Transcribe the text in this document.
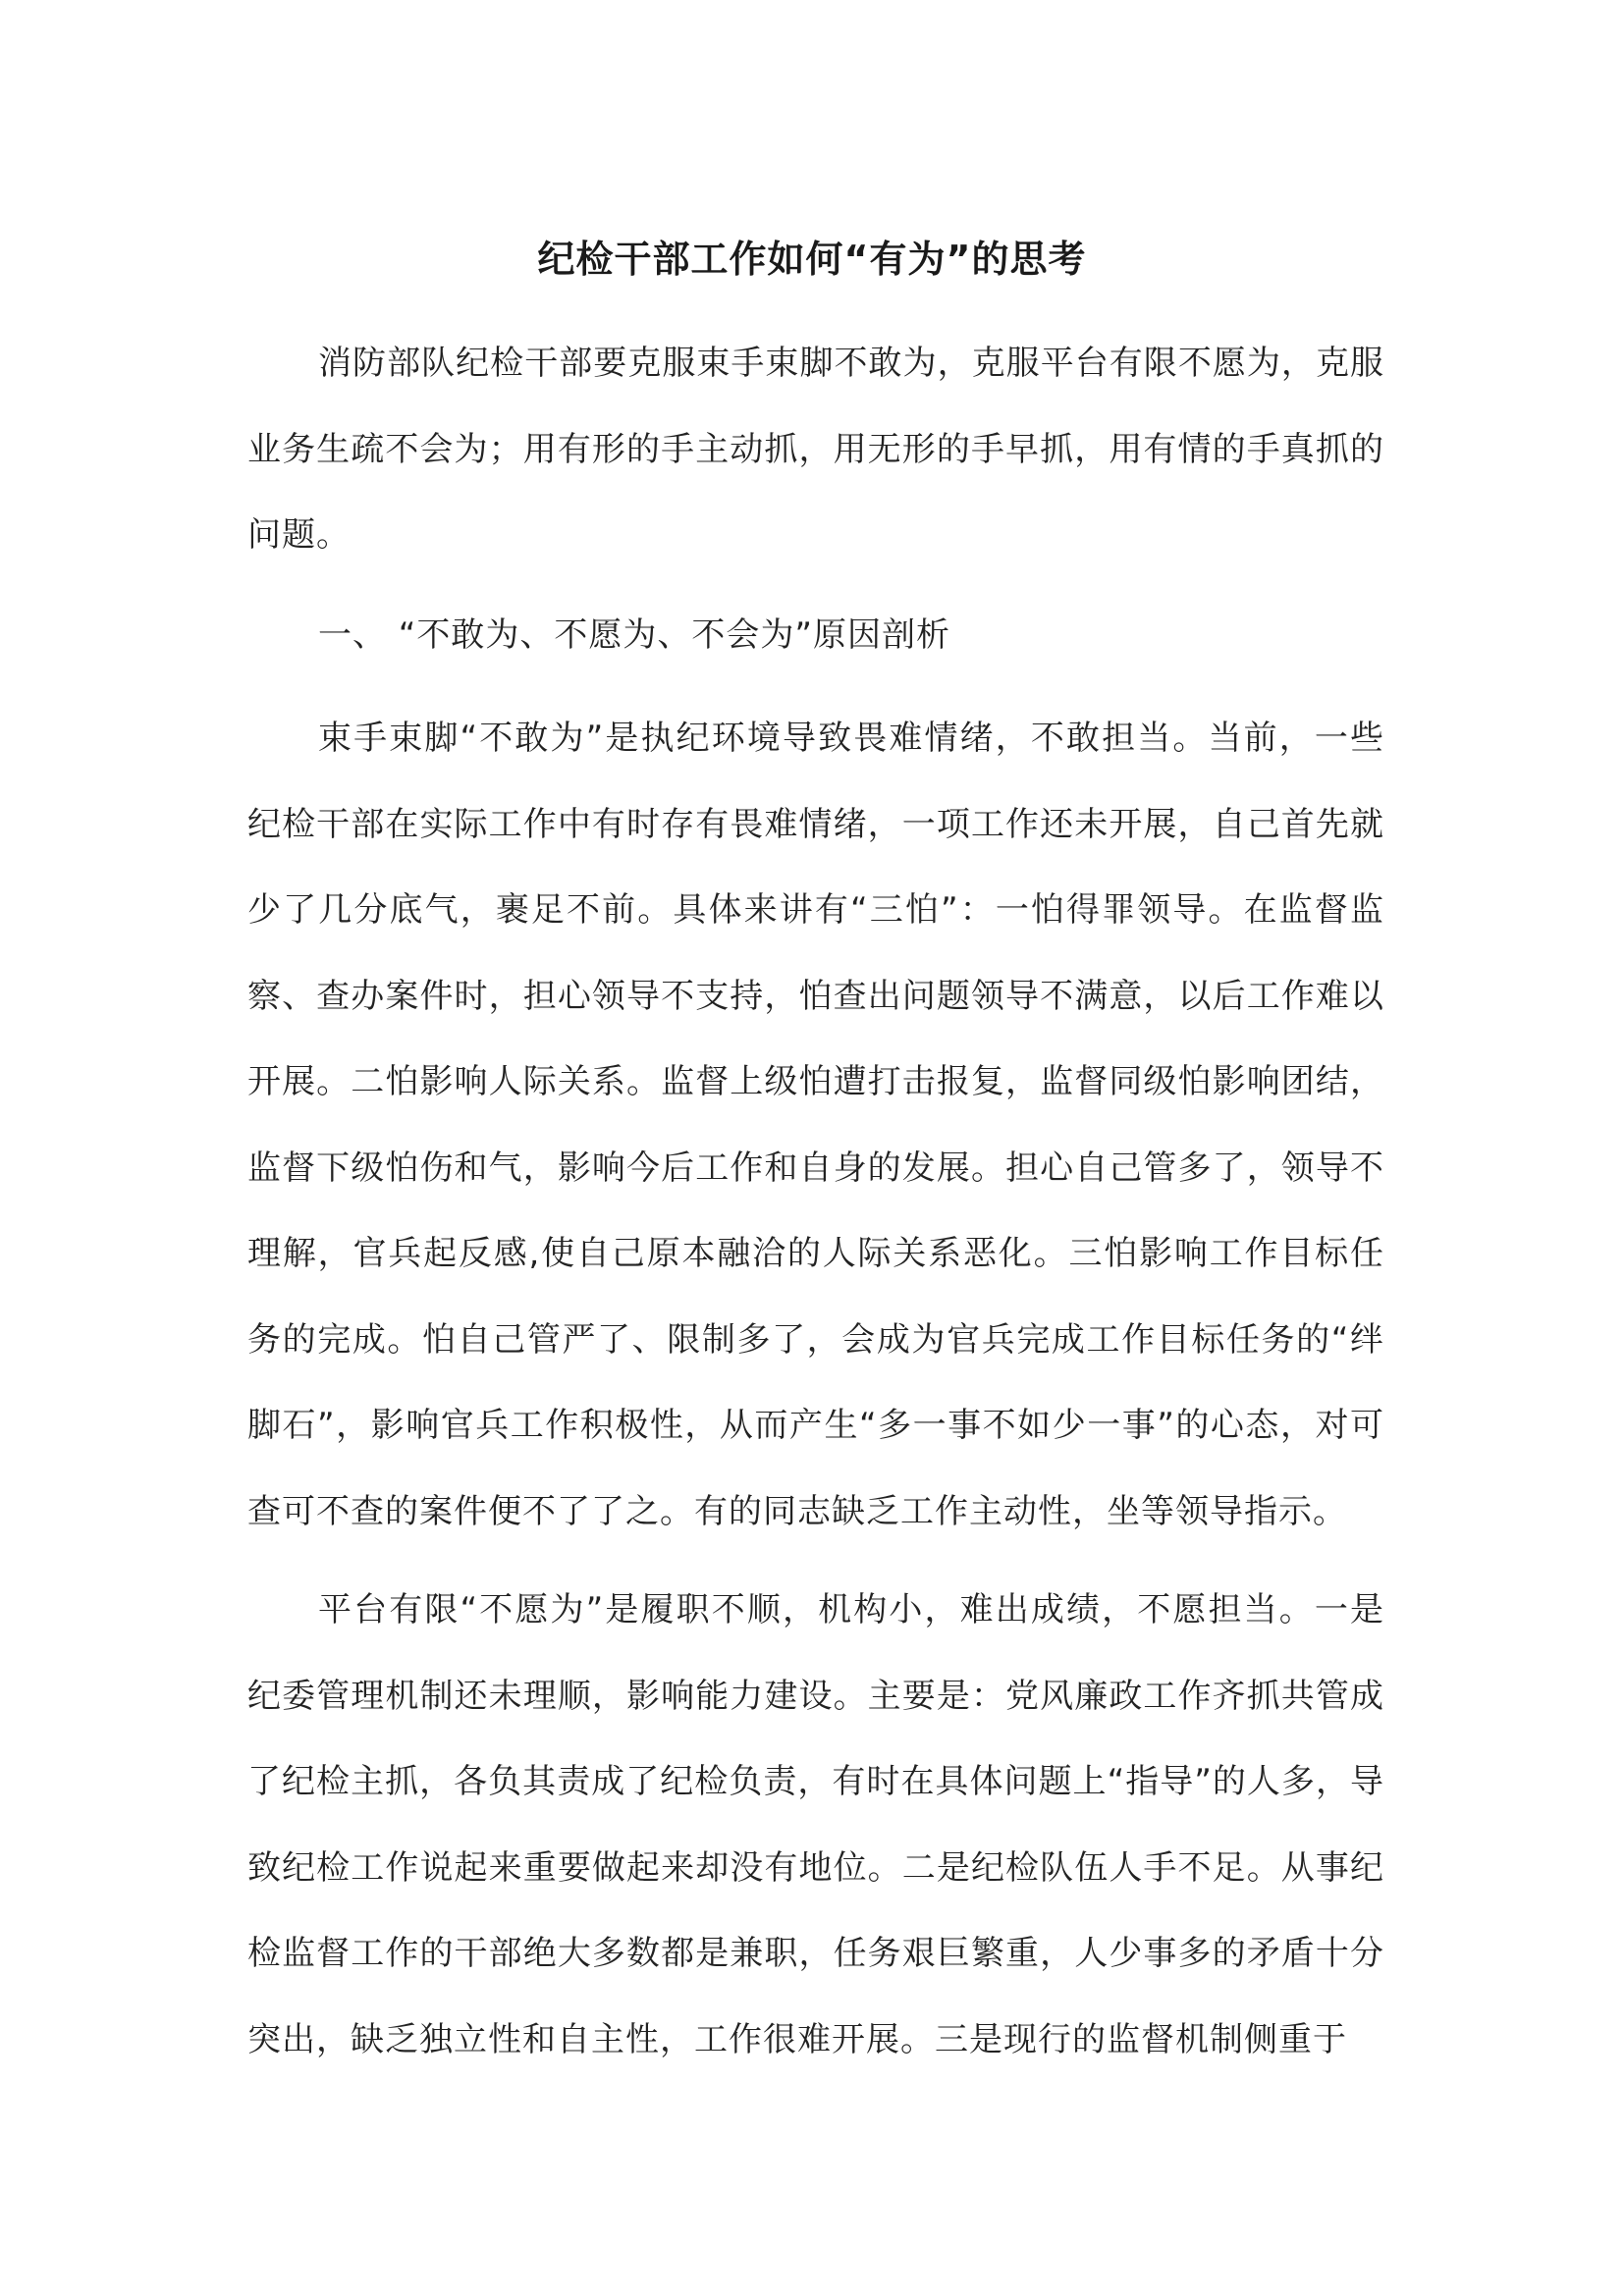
纪检干部工作如何“有为”的思考

消防部队纪检干部要克服束手束脚不敢为，克服平台有限不愿为，克服业务生疏不会为；用有形的手主动抓，用无形的手早抓，用有情的手真抓的问题。

一、 “不敢为、不愿为、不会为”原因剖析

束手束脚“不敢为”是执纪环境导致畏难情绪，不敢担当。当前，一些纪检干部在实际工作中有时存有畏难情绪，一项工作还未开展，自己首先就少了几分底气，裹足不前。具体来讲有“三怕”：一怕得罪领导。在监督监察、查办案件时，担心领导不支持，怕查出问题领导不满意，以后工作难以开展。二怕影响人际关系。监督上级怕遭打击报复，监督同级怕影响团结，监督下级怕伤和气，影响今后工作和自身的发展。担心自己管多了，领导不理解，官兵起反感,使自己原本融洽的人际关系恶化。三怕影响工作目标任务的完成。怕自己管严了、限制多了，会成为官兵完成工作目标任务的“绊脚石”，影响官兵工作积极性，从而产生“多一事不如少一事”的心态，对可查可不查的案件便不了了之。有的同志缺乏工作主动性，坐等领导指示。

平台有限“不愿为”是履职不顺，机构小，难出成绩，不愿担当。一是纪委管理机制还未理顺，影响能力建设。主要是：党风廉政工作齐抓共管成了纪检主抓，各负其责成了纪检负责，有时在具体问题上“指导”的人多，导致纪检工作说起来重要做起来却没有地位。二是纪检队伍人手不足。从事纪检监督工作的干部绝大多数都是兼职，任务艰巨繁重，人少事多的矛盾十分突出，缺乏独立性和自主性，工作很难开展。三是现行的监督机制侧重于
